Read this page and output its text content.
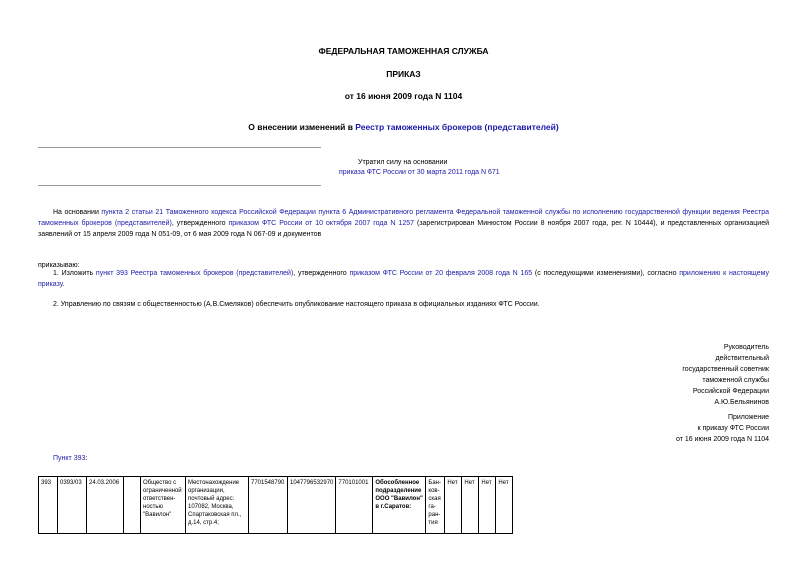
ФЕДЕРАЛЬНАЯ ТАМОЖЕННАЯ СЛУЖБА
ПРИКАЗ
от 16 июня 2009 года N 1104
О внесении изменений в Реестр таможенных брокеров (представителей)
Утратил силу на основании
приказа ФТС России от 30 марта 2011 года N 671
На основании пункта 2 статьи 21 Таможенного кодекса Российской Федерации пункта 6 Административного регламента Федеральной таможенной службы по исполнению государственной функции ведения Реестра таможенных брокеров (представителей), утвержденного приказом ФТС России от 10 октября 2007 года N 1257 (зарегистрирован Минюстом России 8 ноября 2007 года, рег. N 10444), и представленных организацией заявлений от 15 апреля 2009 года N 051-09, от 6 мая 2009 года N 067-09 и документов
приказываю:
1. Изложить пункт 393 Реестра таможенных брокеров (представителей), утвержденного приказом ФТС России от 20 февраля 2008 года N 165 (с последующими изменениями), согласно приложению к настоящему приказу.
2. Управлению по связям с общественностью (А.В.Смеляков) обеспечить опубликование настоящего приказа в официальных изданиях ФТС России.
Руководитель
действительный
государственный советник
таможенной службы
Российской Федерации
А.Ю.Бельянинов
Приложение
к приказу ФТС России
от 16 июня 2009 года N 1104
Пункт 393:
393	0393/03	24.03.2006		Общество с ограниченной ответствен-ностью "Вавилон"	Местонахождение организации, почтовый адрес: 107082, Москва, Спартаковская пл., д.14, стр.4;	7701548790	1047796532970	770101001	Обособленное подразделение ООО "Вавилон" в г.Саратов:	Бан-ков-ская га-ран-тия	Нет	Нет	Нет	Нет
